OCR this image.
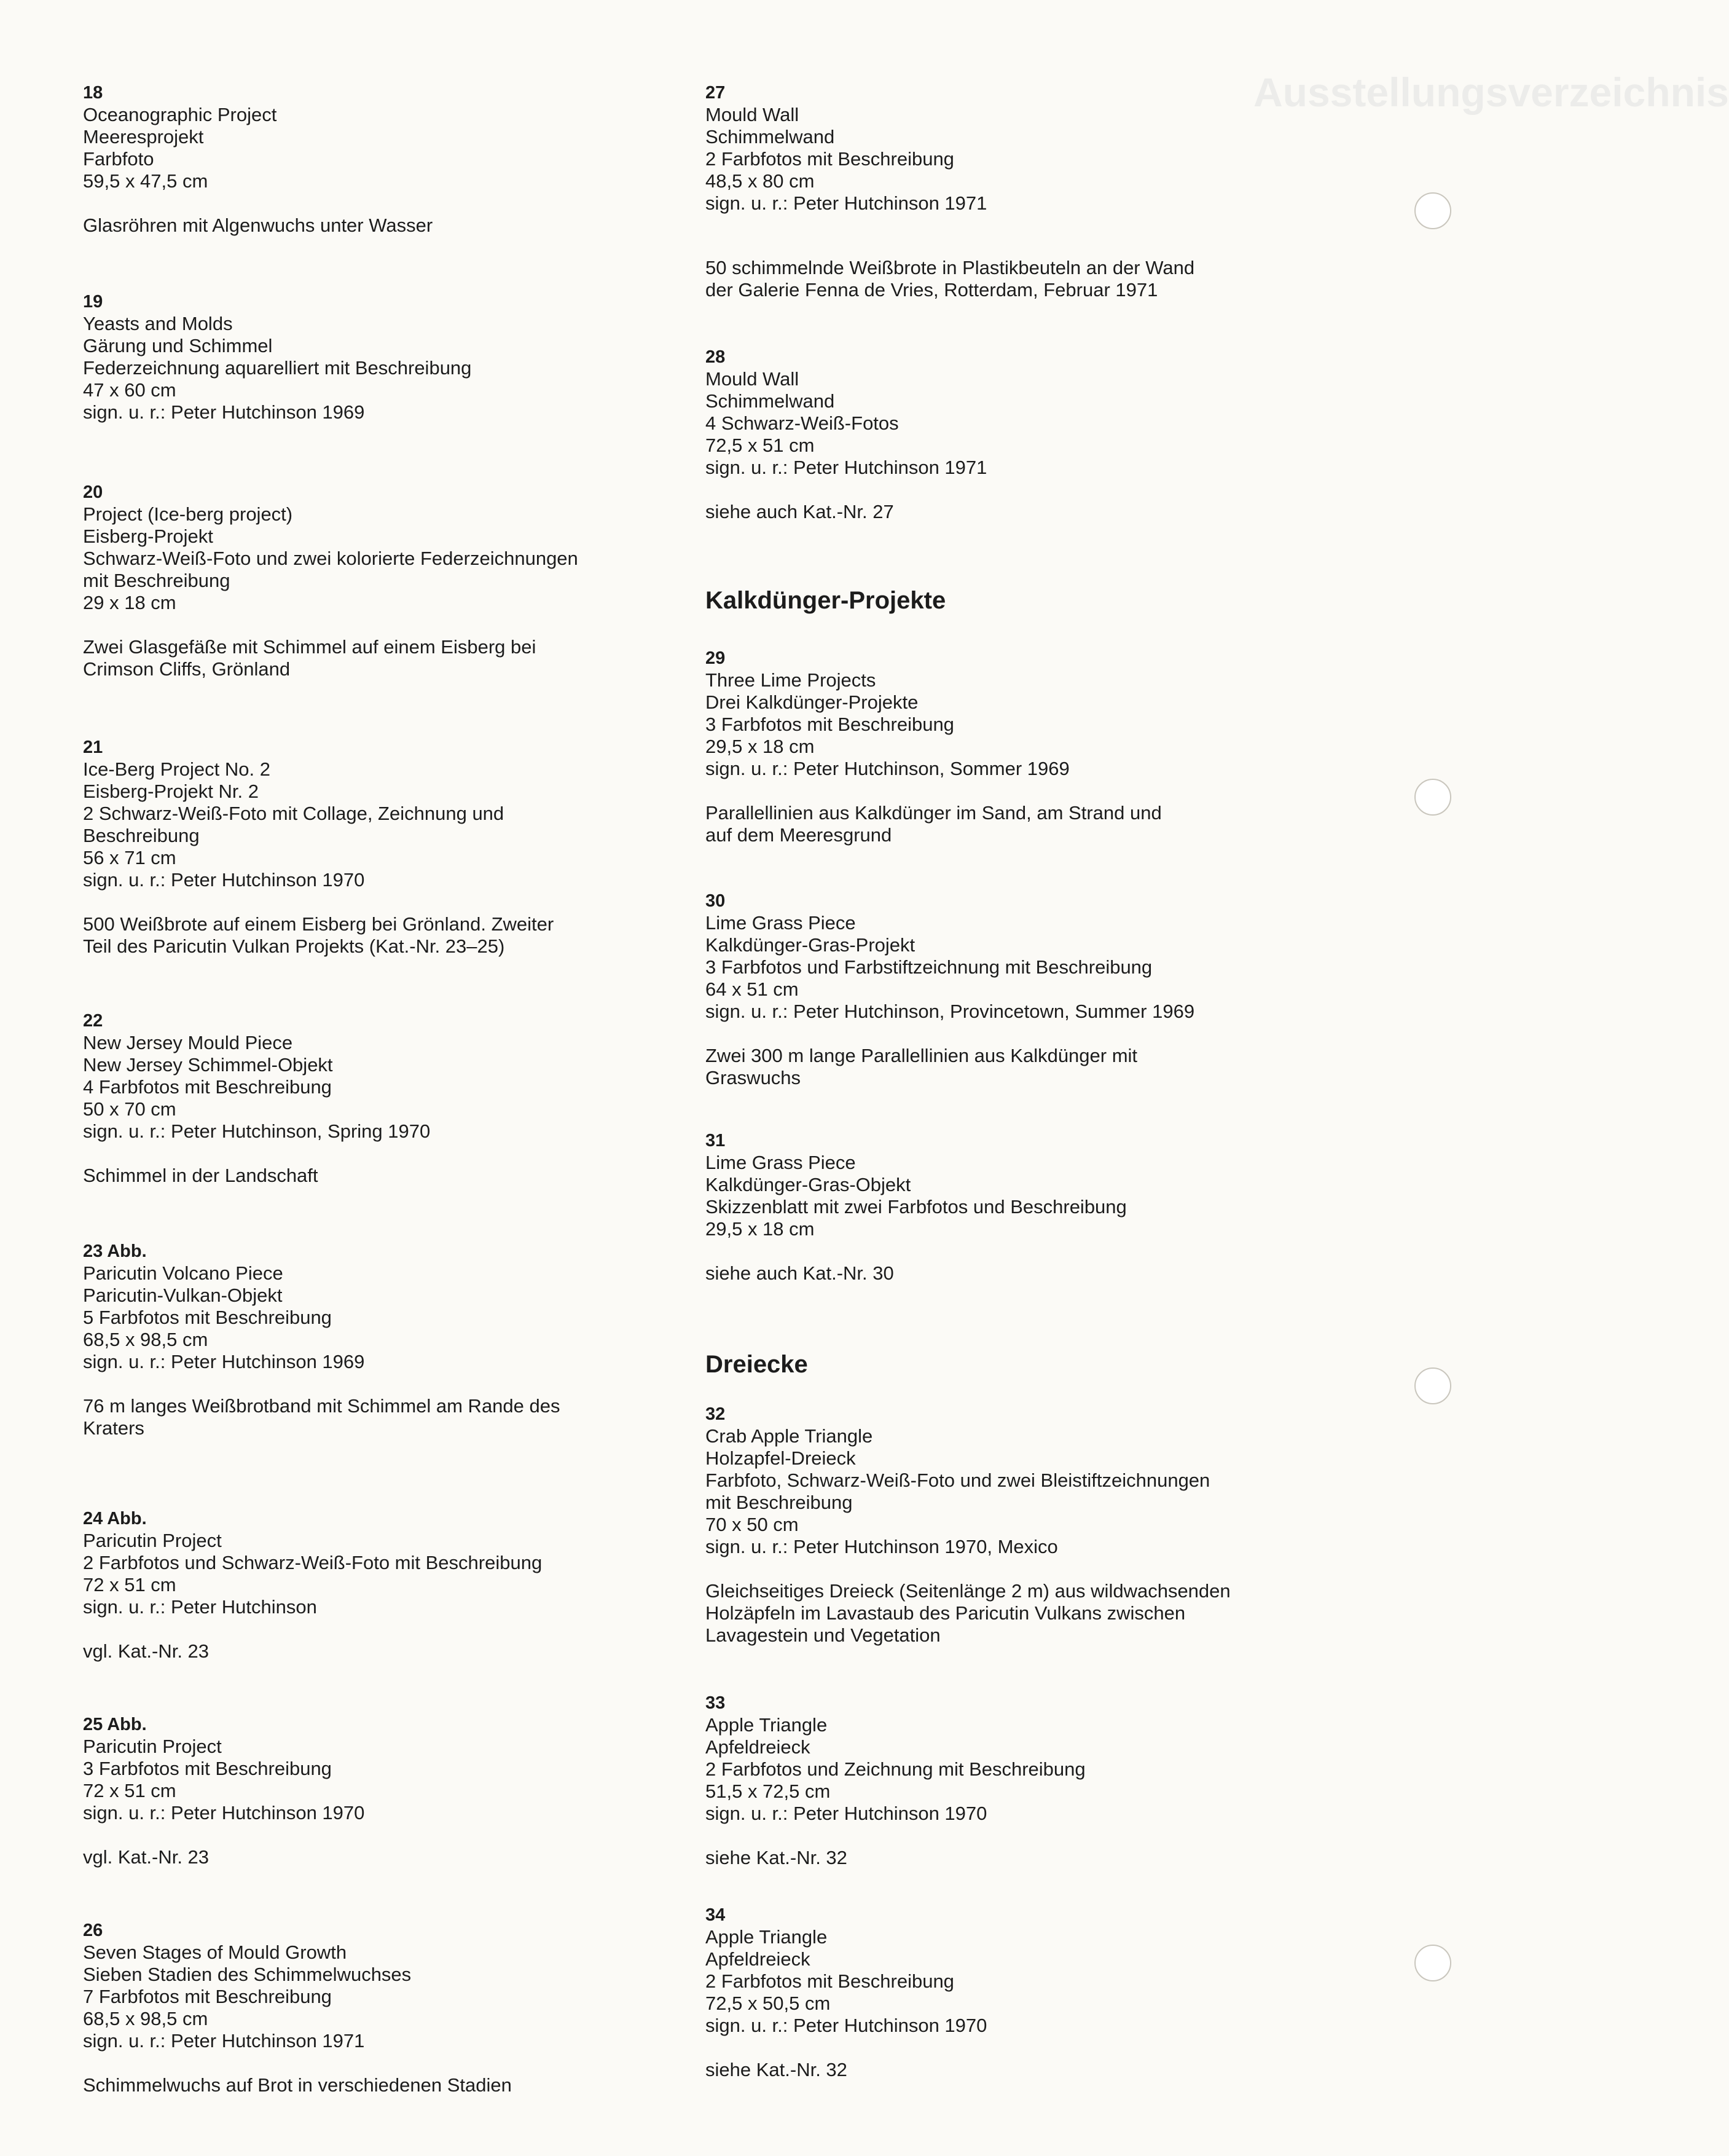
Ausstellungsverzeichnis
18
Oceanographic Project
Meeresprojekt
Farbfoto
59,5 x 47,5 cm
Glasröhren mit Algenwuchs unter Wasser
19
Yeasts and Molds
Gärung und Schimmel
Federzeichnung aquarelliert mit Beschreibung
47 x 60 cm
sign. u. r.: Peter Hutchinson 1969
20
Project (Ice-berg project)
Eisberg-Projekt
Schwarz-Weiß-Foto und zwei kolorierte Federzeichnungen
mit Beschreibung
29 x 18 cm
Zwei Glasgefäße mit Schimmel auf einem Eisberg bei
Crimson Cliffs, Grönland
21
Ice-Berg Project No. 2
Eisberg-Projekt Nr. 2
2 Schwarz-Weiß-Foto mit Collage, Zeichnung und
Beschreibung
56 x 71 cm
sign. u. r.: Peter Hutchinson 1970
500 Weißbrote auf einem Eisberg bei Grönland. Zweiter
Teil des Paricutin Vulkan Projekts (Kat.-Nr. 23–25)
22
New Jersey Mould Piece
New Jersey Schimmel-Objekt
4 Farbfotos mit Beschreibung
50 x 70 cm
sign. u. r.: Peter Hutchinson, Spring 1970
Schimmel in der Landschaft
23 Abb.
Paricutin Volcano Piece
Paricutin-Vulkan-Objekt
5 Farbfotos mit Beschreibung
68,5 x 98,5 cm
sign. u. r.: Peter Hutchinson 1969
76 m langes Weißbrotband mit Schimmel am Rande des
Kraters
24 Abb.
Paricutin Project
2 Farbfotos und Schwarz-Weiß-Foto mit Beschreibung
72 x 51 cm
sign. u. r.: Peter Hutchinson
vgl. Kat.-Nr. 23
25 Abb.
Paricutin Project
3 Farbfotos mit Beschreibung
72 x 51 cm
sign. u. r.: Peter Hutchinson 1970
vgl. Kat.-Nr. 23
26
Seven Stages of Mould Growth
Sieben Stadien des Schimmelwuchses
7 Farbfotos mit Beschreibung
68,5 x 98,5 cm
sign. u. r.: Peter Hutchinson 1971
Schimmelwuchs auf Brot in verschiedenen Stadien
Kalkdünger-Projekte
Dreiecke
27
Mould Wall
Schimmelwand
2 Farbfotos mit Beschreibung
48,5 x 80 cm
sign. u. r.: Peter Hutchinson 1971
50 schimmelnde Weißbrote in Plastikbeuteln an der Wand
der Galerie Fenna de Vries, Rotterdam, Februar 1971
28
Mould Wall
Schimmelwand
4 Schwarz-Weiß-Fotos
72,5 x 51 cm
sign. u. r.: Peter Hutchinson 1971
siehe auch Kat.-Nr. 27
29
Three Lime Projects
Drei Kalkdünger-Projekte
3 Farbfotos mit Beschreibung
29,5 x 18 cm
sign. u. r.: Peter Hutchinson, Sommer 1969
Parallellinien aus Kalkdünger im Sand, am Strand und
auf dem Meeresgrund
30
Lime Grass Piece
Kalkdünger-Gras-Projekt
3 Farbfotos und Farbstiftzeichnung mit Beschreibung
64 x 51 cm
sign. u. r.: Peter Hutchinson, Provincetown, Summer 1969
Zwei 300 m lange Parallellinien aus Kalkdünger mit
Graswuchs
31
Lime Grass Piece
Kalkdünger-Gras-Objekt
Skizzenblatt mit zwei Farbfotos und Beschreibung
29,5 x 18 cm
siehe auch Kat.-Nr. 30
32
Crab Apple Triangle
Holzapfel-Dreieck
Farbfoto, Schwarz-Weiß-Foto und zwei Bleistiftzeichnungen
mit Beschreibung
70 x 50 cm
sign. u. r.: Peter Hutchinson 1970, Mexico
Gleichseitiges Dreieck (Seitenlänge 2 m) aus wildwachsenden
Holzäpfeln im Lavastaub des Paricutin Vulkans zwischen
Lavagestein und Vegetation
33
Apple Triangle
Apfeldreieck
2 Farbfotos und Zeichnung mit Beschreibung
51,5 x 72,5 cm
sign. u. r.: Peter Hutchinson 1970
siehe Kat.-Nr. 32
34
Apple Triangle
Apfeldreieck
2 Farbfotos mit Beschreibung
72,5 x 50,5 cm
sign. u. r.: Peter Hutchinson 1970
siehe Kat.-Nr. 32
